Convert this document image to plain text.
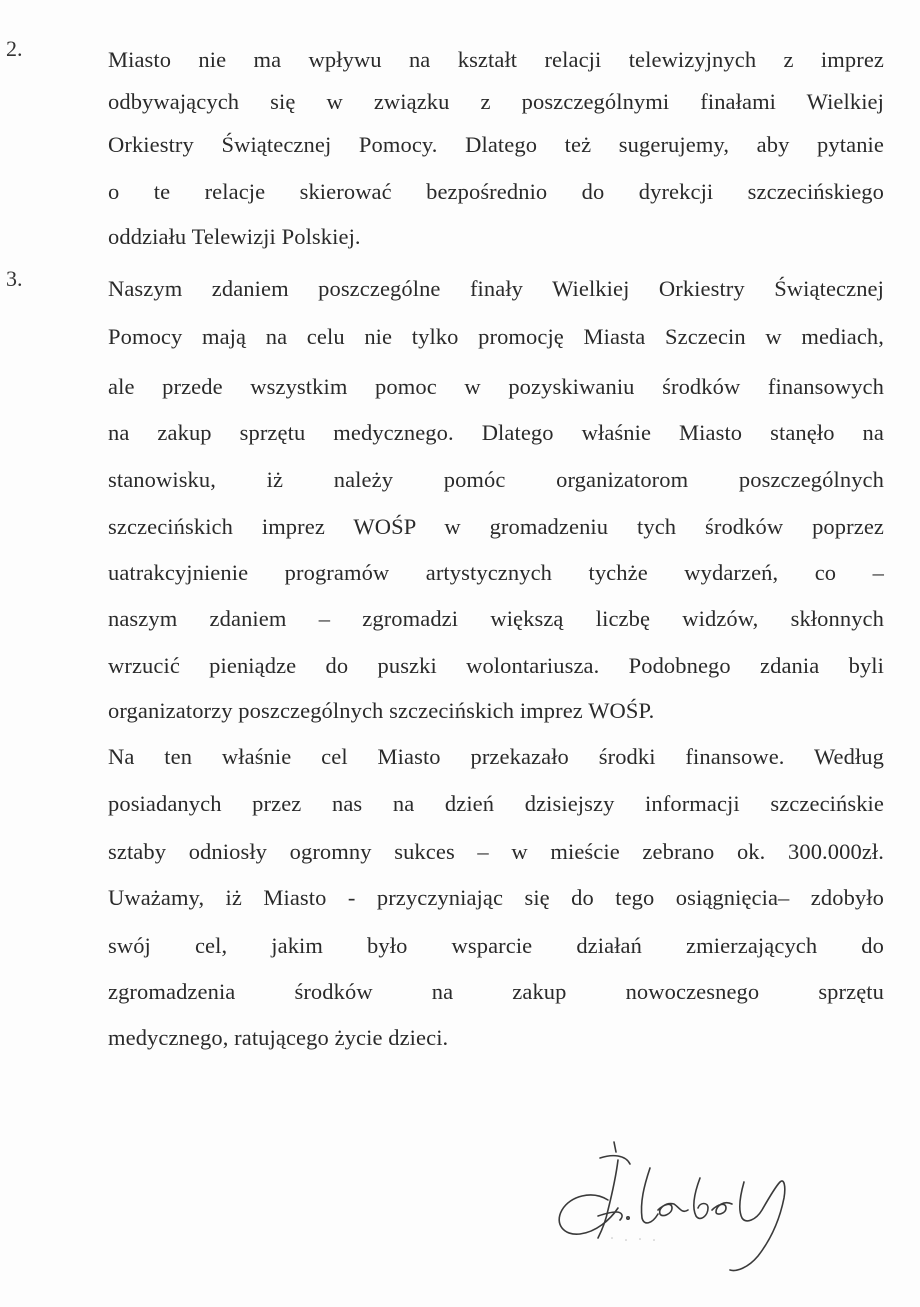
2.	Miasto nie ma wpływu na kształt relacji telewizyjnych z imprez
odbywających się w związku z poszczególnymi finałami Wielkiej
Orkiestry Świątecznej Pomocy. Dlatego też sugerujemy, aby pytanie
o te relacje skierować bezpośrednio do dyrekcji szczecińskiego
oddziału Telewizji Polskiej.
3.	Naszym zdaniem poszczególne finały Wielkiej Orkiestry Świątecznej
Pomocy mają na celu nie tylko promocję Miasta Szczecin w mediach,
ale przede wszystkim pomoc w pozyskiwaniu środków finansowych
na zakup sprzętu medycznego. Dlatego właśnie Miasto stanęło na
stanowisku, iż należy pomóc organizatorom poszczególnych
szczecińskich imprez WOŚP w gromadzeniu tych środków poprzez
uatrakcyjnienie programów artystycznych tychże wydarzeń, co –
naszym zdaniem – zgromadzi większą liczbę widzów, skłonnych
wrzucić pieniądze do puszki wolontariusza. Podobnego zdania byli
organizatorzy poszczególnych szczecińskich imprez WOŚP.
Na ten właśnie cel Miasto przekazało środki finansowe. Według
posiadanych przez nas na dzień dzisiejszy informacji szczecińskie
sztaby odniosły ogromny sukces – w mieście zebrano ok. 300.000zł.
Uważamy, iż Miasto - przyczyniając się do tego osiągnięcia– zdobyło
swój cel, jakim było wsparcie działań zmierzających do
zgromadzenia środków na zakup nowoczesnego sprzętu
medycznego, ratującego życie dzieci.
